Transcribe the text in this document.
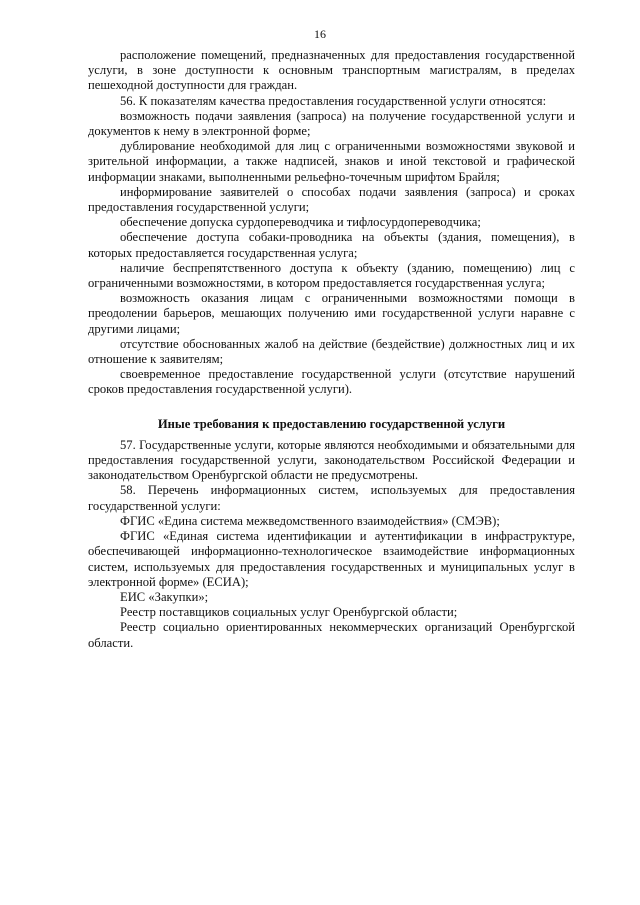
16

расположение помещений, предназначенных для предоставления государственной услуги, в зоне доступности к основным транспортным магистралям, в пределах пешеходной доступности для граждан.

56. К показателям качества предоставления государственной услуги относятся:

возможность подачи заявления (запроса) на получение государственной услуги и документов к нему в электронной форме;

дублирование необходимой для лиц с ограниченными возможностями звуковой и зрительной информации, а также надписей, знаков и иной текстовой и графической информации знаками, выполненными рельефно-точечным шрифтом Брайля;

информирование заявителей о способах подачи заявления (запроса) и сроках предоставления государственной услуги;

обеспечение допуска сурдопереводчика и тифлосурдопереводчика;

обеспечение доступа собаки-проводника на объекты (здания, помещения), в которых предоставляется государственная услуга;

наличие беспрепятственного доступа к объекту (зданию, помещению) лиц с ограниченными возможностями, в котором предоставляется государственная услуга;

возможность оказания лицам с ограниченными возможностями помощи в преодолении барьеров, мешающих получению ими государственной услуги наравне с другими лицами;

отсутствие обоснованных жалоб на действие (бездействие) должностных лиц и их отношение к заявителям;

своевременное предоставление государственной услуги (отсутствие нарушений сроков предоставления государственной услуги).

Иные требования к предоставлению государственной услуги

57. Государственные услуги, которые являются необходимыми и обязательными для предоставления государственной услуги, законодательством Российской Федерации и законодательством Оренбургской области не предусмотрены.

58. Перечень информационных систем, используемых для предоставления государственной услуги:

ФГИС «Едина система межведомственного взаимодействия» (СМЭВ);

ФГИС «Единая система идентификации и аутентификации в инфраструктуре, обеспечивающей информационно-технологическое взаимодействие информационных систем, используемых для предоставления государственных и муниципальных услуг в электронной форме» (ЕСИА);

ЕИС «Закупки»;

Реестр поставщиков социальных услуг Оренбургской области;

Реестр социально ориентированных некоммерческих организаций Оренбургской области.
